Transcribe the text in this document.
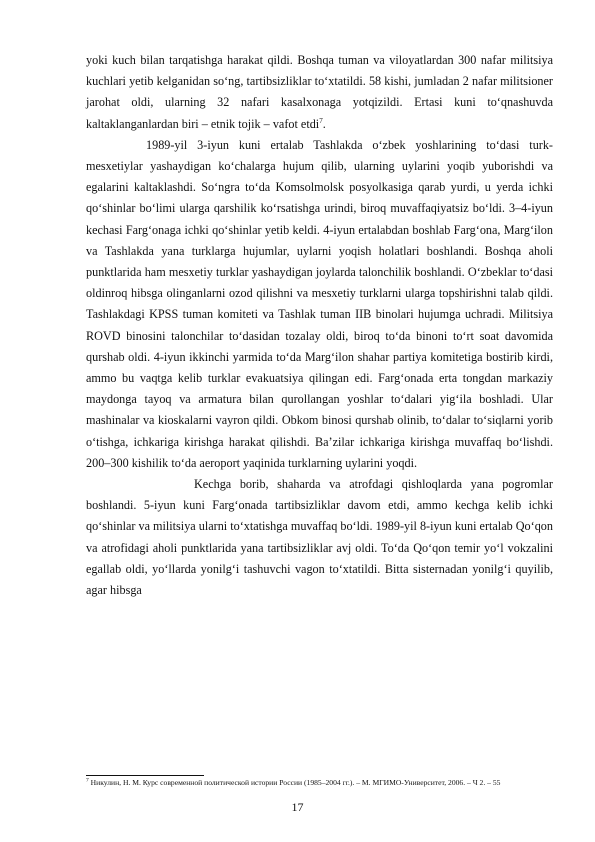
yoki kuch bilan tarqatishga harakat qildi. Boshqa tuman va viloyatlardan 300 nafar militsiya kuchlari yetib kelganidan so‘ng, tartibsizliklar to‘xtatildi. 58 kishi, jumladan 2 nafar militsioner jarohat oldi, ularning 32 nafari kasalxonaga yotqizildi. Ertasi kuni to‘qnashuvda kaltaklanganlardan biri – etnik tojik – vafot etdi$^7$.

1989-yil 3-iyun kuni ertalab Tashlakda o‘zbek yoshlarining to‘dasi turk-mesxetiylar yashaydigan ko‘chalarga hujum qilib, ularning uylarini yoqib yuborishdi va egalarini kaltaklashdi. So‘ngra to‘da Komsolmolsk posyolkasiga qarab yurdi, u yerda ichki qo‘shinlar bo‘limi ularga qarshilik ko‘rsatishga urindi, biroq muvaffaqiyatsiz bo‘ldi. 3–4-iyun kechasi Farg‘onaga ichki qo‘shinlar yetib keldi. 4-iyun ertalabdan boshlab Farg‘ona, Marg‘ilon va Tashlakda yana turklarga hujumlar, uylarni yoqish holatlari boshlandi. Boshqa aholi punktlarida ham mesxetiy turklar yashaydigan joylarda talonchilik boshlandi. O‘zbeklar to‘dasi oldinroq hibsga olinganlarni ozod qilishni va mesxetiy turklarni ularga topshirishni talab qildi. Tashlakdagi KPSS tuman komiteti va Tashlak tuman IIB binolari hujumga uchradi. Militsiya ROVD binosini talonchilar to‘dasidan tozalay oldi, biroq to‘da binoni to‘rt soat davomida qurshab oldi. 4-iyun ikkinchi yarmida to‘da Marg‘ilon shahar partiya komitetiga bostirib kirdi, ammo bu vaqtga kelib turklar evakuatsiya qilingan edi. Farg‘onada erta tongdan markaziy maydonga tayoq va armatura bilan qurollangan yoshlar to‘dalari yig‘ila boshladi. Ular mashinalar va kioskalarni vayron qildi. Obkom binosi qurshab olinib, to‘dalar to‘siqlarni yorib o‘tishga, ichkariga kirishga harakat qilishdi. Ba’zilar ichkariga kirishga muvaffaq bo‘lishdi. 200–300 kishilik to‘da aeroport yaqinida turklarning uylarini yoqdi.

Kechga borib, shaharda va atrofdagi qishloqlarda yana pogromlar boshlandi. 5-iyun kuni Farg‘onada tartibsizliklar davom etdi, ammo kechga kelib ichki qo‘shinlar va militsiya ularni to‘xtatishga muvaffaq bo‘ldi. 1989-yil 8-iyun kuni ertalab Qo‘qon va atrofidagi aholi punktlarida yana tartibsizliklar avj oldi. To‘da Qo‘qon temir yo‘l vokzalini egallab oldi, yo‘llarda yonilg‘i tashuvchi vagon to‘xtatildi. Bitta sisternadan yonilg‘i quyilib, agar hibsga

$^7$ Никулин, Н. М. Курс современной политической истории России (1985–2004 гг.). – М. МГИМО-Университет, 2006. – Ч 2. – 55
17
